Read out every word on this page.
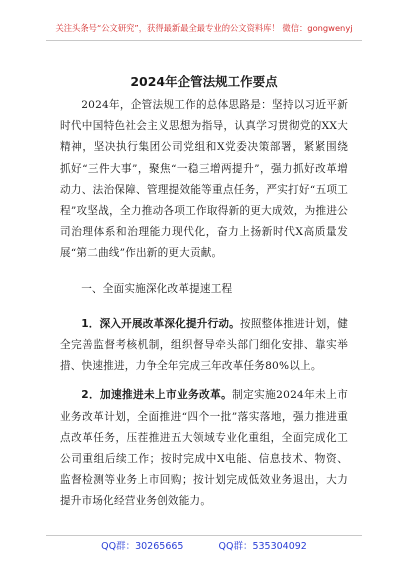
关注头条号“公文研究”，获得最新最全最专业的公文资料库！ 微信：gongwenyj
2024年企管法规工作要点

2024年，企管法规工作的总体思路是：坚持以习近平新时代中国特色社会主义思想为指导，认真学习贯彻党的XX大精神，坚决执行集团公司党组和X党委决策部署，紧紧围绕抓好“三件大事”，聚焦“一稳三增两提升”，强力抓好改革增动力、法治保障、管理提效能等重点任务，严实打好“五项工程”攻坚战，全力推动各项工作取得新的更大成效，为推进公司治理体系和治理能力现代化，奋力上扬新时代X高质量发展“第二曲线”作出新的更大贡献。

一、全面实施深化改革提速工程

1．深入开展改革深化提升行动。按照整体推进计划，健全完善监督考核机制，组织督导牵头部门细化安排、靠实举措、快速推进，力争全年完成三年改革任务80%以上。

2．加速推进未上市业务改革。制定实施2024年未上市业务改革计划，全面推进“四个一批”落实落地，强力推进重点改革任务，压茬推进五大领域专业化重组，全面完成化工公司重组后续工作；按时完成中X电能、信息技术、物资、监督检测等业务上市回购；按计划完成低效业务退出，大力提升市场化经营业务创效能力。

QQ群：30265665	QQ群：535304092
